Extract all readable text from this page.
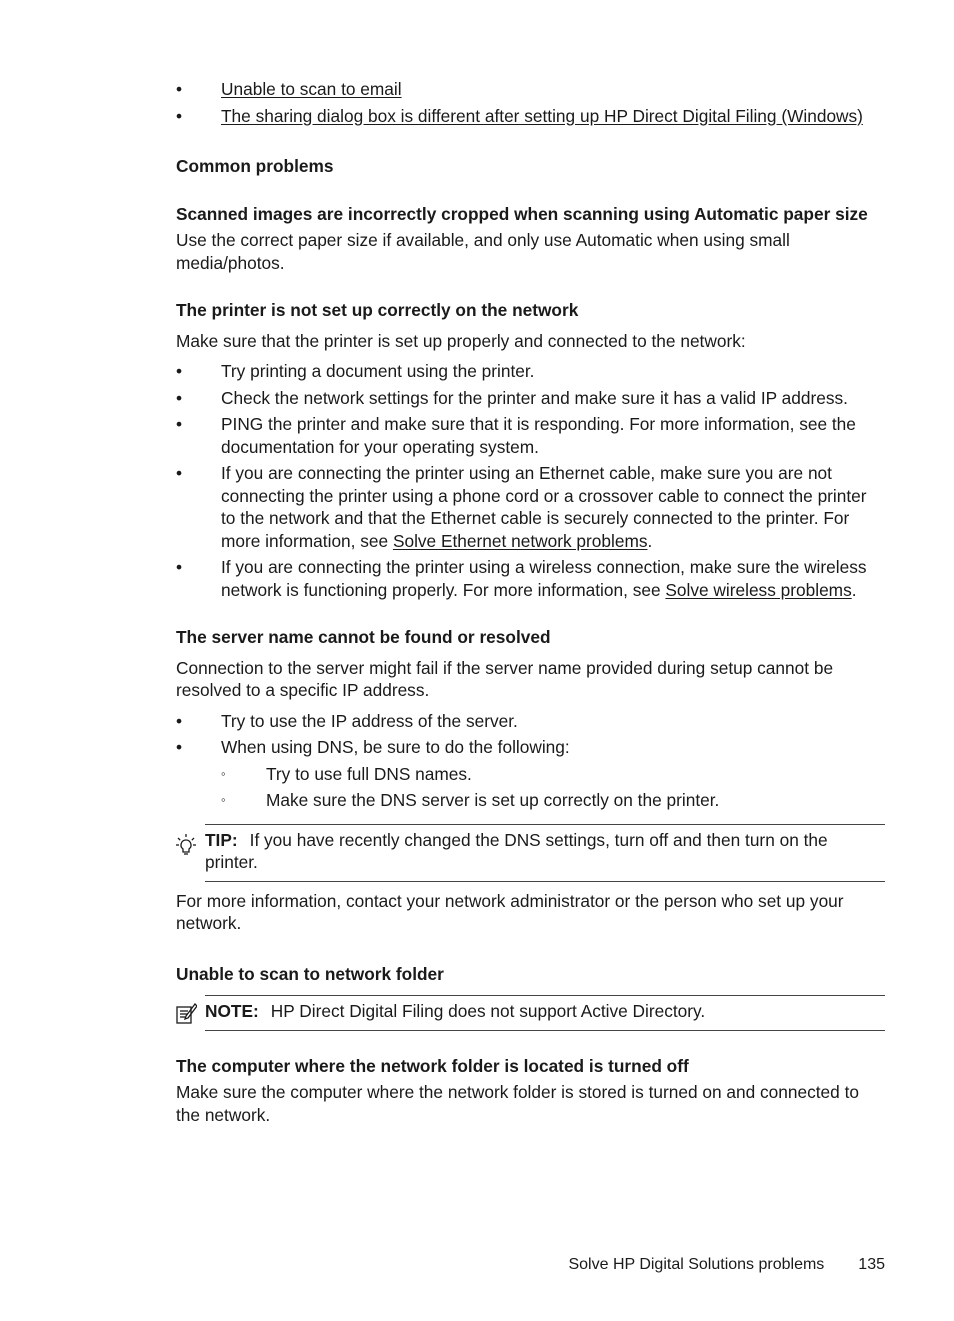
• Unable to scan to email
• The sharing dialog box is different after setting up HP Direct Digital Filing (Windows)
Common problems
Scanned images are incorrectly cropped when scanning using Automatic paper size

Use the correct paper size if available, and only use Automatic when using small media/photos.

The printer is not set up correctly on the network

Make sure that the printer is set up properly and connected to the network:

• Try printing a document using the printer.
• Check the network settings for the printer and make sure it has a valid IP address.
• PING the printer and make sure that it is responding. For more information, see the documentation for your operating system.
• If you are connecting the printer using an Ethernet cable, make sure you are not connecting the printer using a phone cord or a crossover cable to connect the printer to the network and that the Ethernet cable is securely connected to the printer. For more information, see Solve Ethernet network problems.
• If you are connecting the printer using a wireless connection, make sure the wireless network is functioning properly. For more information, see Solve wireless problems.
The server name cannot be found or resolved

Connection to the server might fail if the server name provided during setup cannot be resolved to a specific IP address.

• Try to use the IP address of the server.
• When using DNS, be sure to do the following:
◦ Try to use full DNS names.
◦ Make sure the DNS server is set up correctly on the printer.

TIP: If you have recently changed the DNS settings, turn off and then turn on the printer.

For more information, contact your network administrator or the person who set up your network.

Unable to scan to network folder

NOTE: HP Direct Digital Filing does not support Active Directory.

The computer where the network folder is located is turned off

Make sure the computer where the network folder is stored is turned on and connected to the network.

Solve HP Digital Solutions problems 135
